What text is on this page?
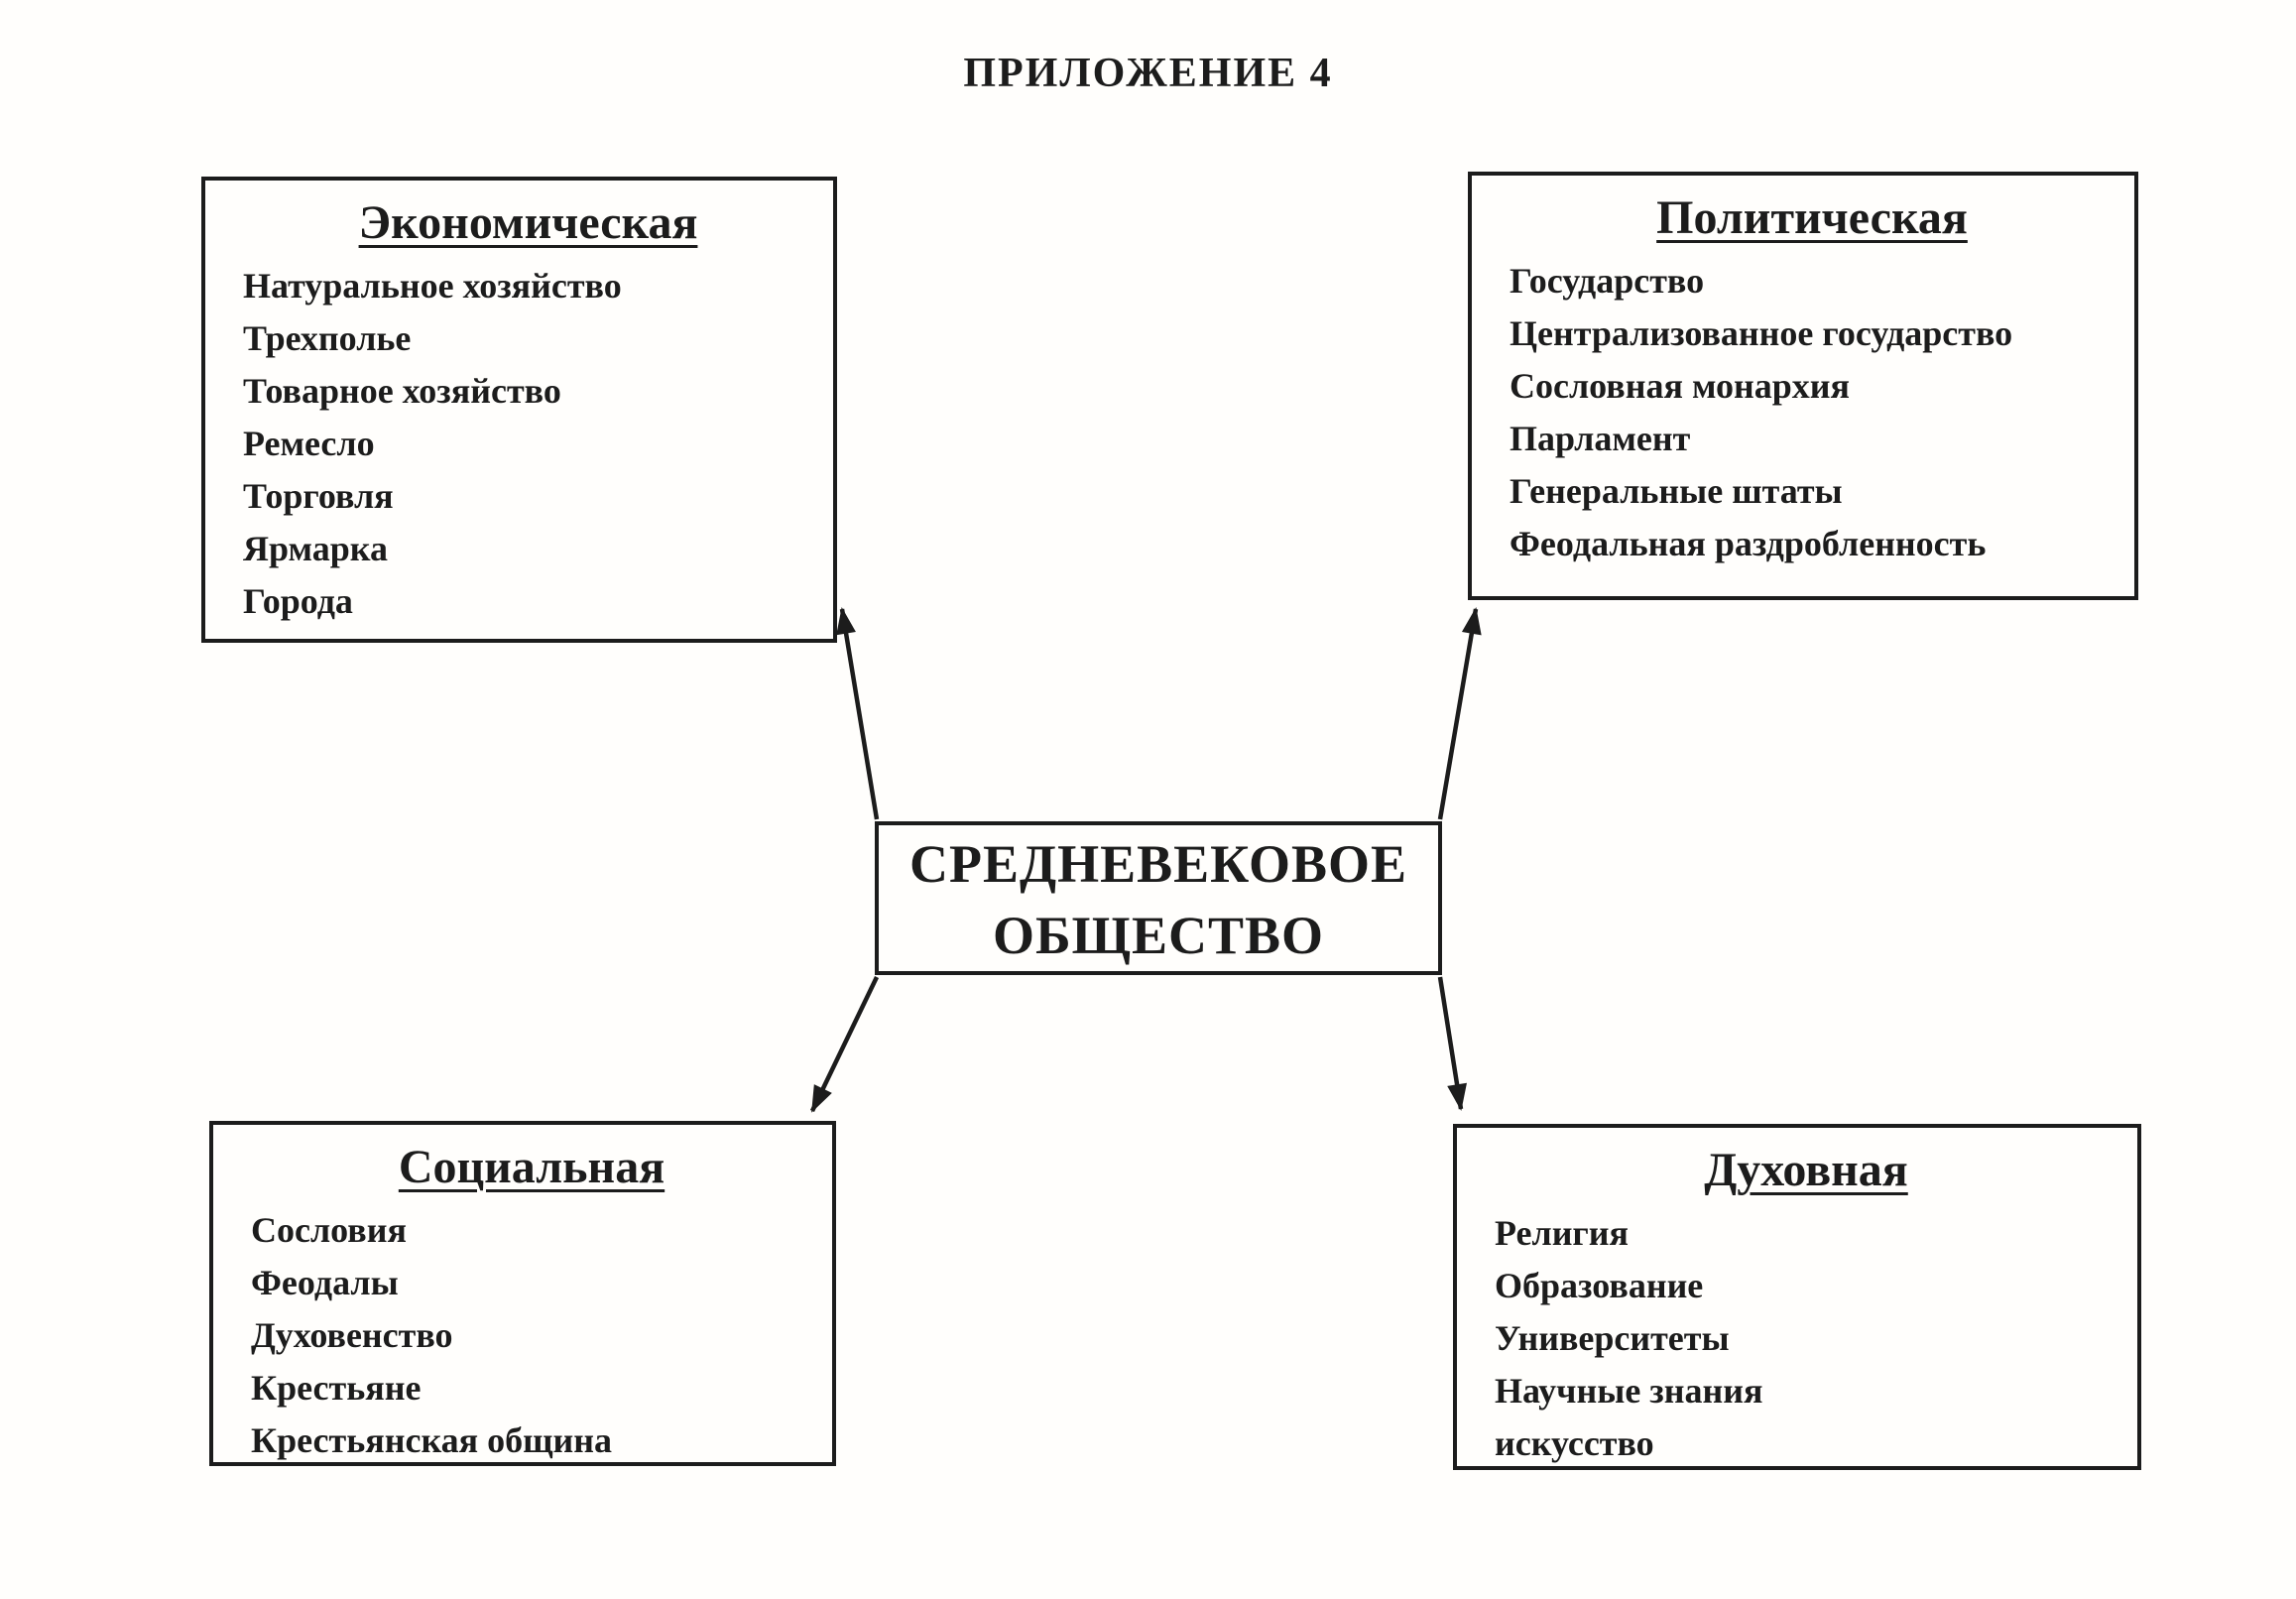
ПРИЛОЖЕНИЕ 4
Экономическая
Натуральное хозяйство
Трехполье
Товарное хозяйство
Ремесло
Торговля
Ярмарка
Города
Политическая
Государство
Централизованное государство
Сословная монархия
Парламент
Генеральные штаты
Феодальная раздробленность
Социальная
Сословия
Феодалы
Духовенство
Крестьяне
Крестьянская община
Духовная
Религия
Образование
Университеты
Научные знания
искусство
СРЕДНЕВЕКОВОЕ
ОБЩЕСТВО
